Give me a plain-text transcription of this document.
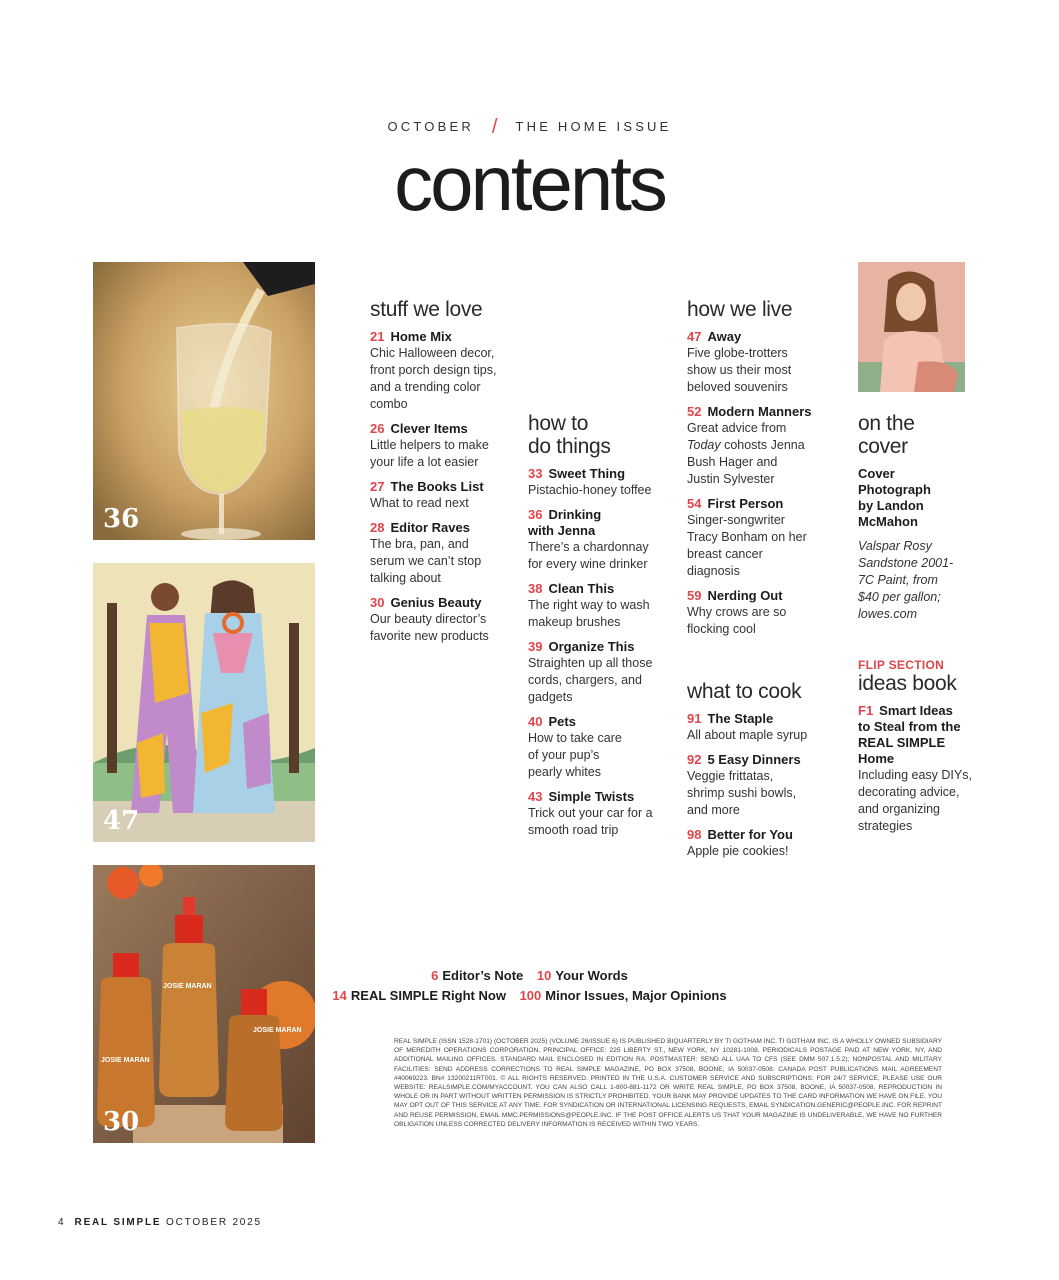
OCTOBER / THE HOME ISSUE
contents
36
47
JOSIE MARAN
JOSIE MARAN
JOSIE MARAN
30
stuff we love
21 Home Mix
Chic Halloween decor, front porch design tips, and a trending color combo
26 Clever Items
Little helpers to make your life a lot easier
27 The Books List
What to read next
28 Editor Raves
The bra, pan, and serum we can’t stop talking about
30 Genius Beauty
Our beauty director’s favorite new products
how to
do things
33 Sweet Thing
Pistachio-honey toffee
36 Drinking with Jenna
There’s a chardonnay for every wine drinker
38 Clean This
The right way to wash makeup brushes
39 Organize This
Straighten up all those cords, chargers, and gadgets
40 Pets
How to take care of your pup’s pearly whites
43 Simple Twists
Trick out your car for a smooth road trip
how we live
47 Away
Five globe-trotters show us their most beloved souvenirs
52 Modern Manners
Great advice from Today cohosts Jenna Bush Hager and Justin Sylvester
54 First Person
Singer-songwriter Tracy Bonham on her breast cancer diagnosis
59 Nerding Out
Why crows are so flocking cool
what to cook
91 The Staple
All about maple syrup
92 5 Easy Dinners
Veggie frittatas, shrimp sushi bowls, and more
98 Better for You
Apple pie cookies!
on the
cover
Cover Photograph by Landon McMahon
Valspar Rosy Sandstone 2001-7C Paint, from $40 per gallon; lowes.com
FLIP SECTION
ideas book
F1 Smart Ideas to Steal from the REAL SIMPLE Home
Including easy DIYs, decorating advice, and organizing strategies
6 Editor’s Note 10 Your Words
14 REAL SIMPLE Right Now 100 Minor Issues, Major Opinions
REAL SIMPLE (ISSN 1528-1701) (OCTOBER 2025) (VOLUME 26/ISSUE 6) IS PUBLISHED BIQUARTERLY BY TI GOTHAM INC. TI GOTHAM INC. IS A WHOLLY OWNED SUBSIDIARY OF MEREDITH OPERATIONS CORPORATION. PRINCIPAL OFFICE: 225 LIBERTY ST., NEW YORK, NY 10281-1008. PERIODICALS POSTAGE PAID AT NEW YORK, NY, AND ADDITIONAL MAILING OFFICES. STANDARD MAIL ENCLOSED IN EDITION RA. POSTMASTER: SEND ALL UAA TO CFS (SEE DMM 507.1.5.2); NONPOSTAL AND MILITARY FACILITIES: SEND ADDRESS CORRECTIONS TO REAL SIMPLE MAGAZINE, PO BOX 37508, BOONE, IA 50037-0508. CANADA POST PUBLICATIONS MAIL AGREEMENT #40069223. BN# 13200211RT001. © ALL RIGHTS RESERVED. PRINTED IN THE U.S.A. CUSTOMER SERVICE AND SUBSCRIPTIONS: FOR 24/7 SERVICE, PLEASE USE OUR WEBSITE: REALSIMPLE.COM/MYACCOUNT. YOU CAN ALSO CALL 1-800-881-1172 OR WRITE REAL SIMPLE, PO BOX 37508, BOONE, IA 50037-0508. REPRODUCTION IN WHOLE OR IN PART WITHOUT WRITTEN PERMISSION IS STRICTLY PROHIBITED. YOUR BANK MAY PROVIDE UPDATES TO THE CARD INFORMATION WE HAVE ON FILE. YOU MAY OPT OUT OF THIS SERVICE AT ANY TIME. FOR SYNDICATION OR INTERNATIONAL LICENSING REQUESTS, EMAIL SYNDICATION.GENERIC@PEOPLE.INC. FOR REPRINT AND REUSE PERMISSION, EMAIL MMC.PERMISSIONS@PEOPLE.INC. IF THE POST OFFICE ALERTS US THAT YOUR MAGAZINE IS UNDELIVERABLE, WE HAVE NO FURTHER OBLIGATION UNLESS CORRECTED DELIVERY INFORMATION IS RECEIVED WITHIN TWO YEARS.
4 REAL SIMPLE OCTOBER 2025
